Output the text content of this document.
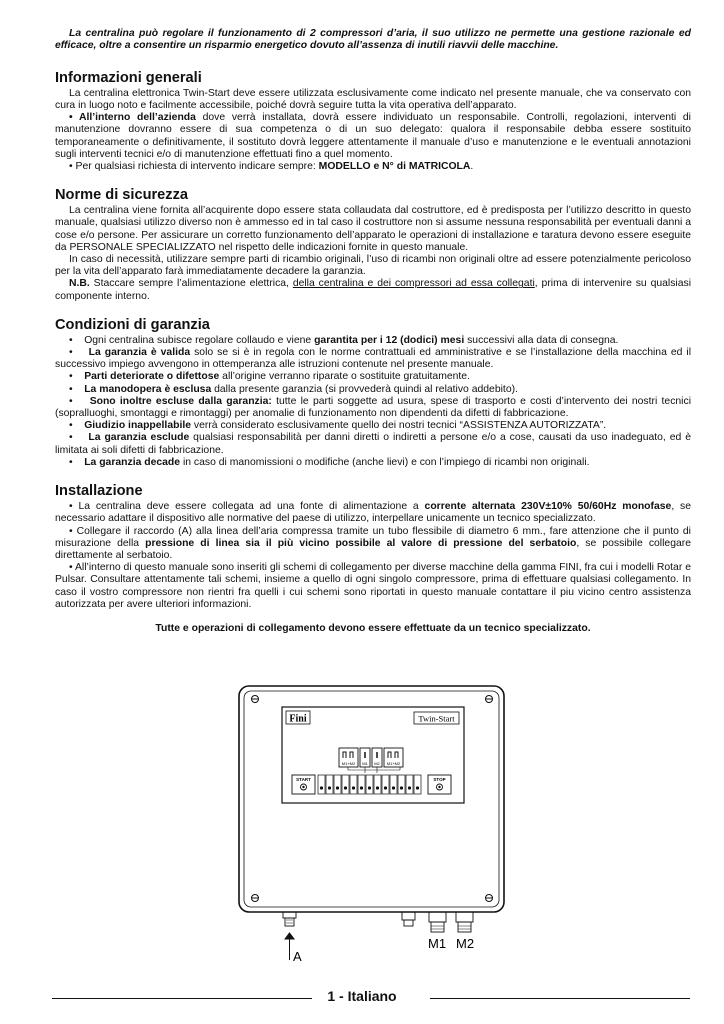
La centralina può regolare il funzionamento di 2 compressori d’aria, il suo utilizzo ne permette una gestione razionale ed efficace, oltre a consentire un risparmio energetico dovuto all’assenza di inutili riavvii delle macchine.

Informazioni generali

La centralina elettronica Twin-Start deve essere utilizzata esclusivamente come indicato nel presente manuale, che va conservato con cura in luogo noto e facilmente accessibile, poiché dovrà seguire tutta la vita operativa dell’apparato.

• All’interno dell’azienda dove verrà installata, dovrà essere individuato un responsabile. Controlli, regolazioni, interventi di manutenzione dovranno essere di sua competenza o di un suo delegato: qualora il responsabile debba essere sostituito temporaneamente o definitivamente, il sostituto dovrà leggere attentamente il manuale d’uso e manutenzione e le eventuali annotazioni sugli interventi tecnici e/o di manutenzione effettuati fino a quel momento.

• Per qualsiasi richiesta di intervento indicare sempre: MODELLO e N° di MATRICOLA.

Norme di sicurezza

La centralina viene fornita all’acquirente dopo essere stata collaudata dal costruttore, ed è predisposta per l’utilizzo descritto in questo manuale, qualsiasi utilizzo diverso non è ammesso ed in tal caso il costruttore non si assume nessuna responsabilità per eventuali danni a cose e/o persone. Per assicurare un corretto funzionamento dell’apparato le operazioni di installazione e taratura devono essere eseguite da PERSONALE SPECIALIZZATO nel rispetto delle indicazioni fornite in questo manuale.

In caso di necessità, utilizzare sempre parti di ricambio originali, l’uso di ricambi non originali oltre ad essere potenzialmente pericoloso per la vita dell’apparato farà immediatamente decadere la garanzia.

N.B. Staccare sempre l’alimentazione elettrica, della centralina e dei compressori ad essa collegati, prima di intervenire su qualsiasi componente interno.

Condizioni di garanzia

•    Ogni centralina subisce regolare collaudo e viene garantita per i 12 (dodici) mesi successivi alla data di consegna.

•    La garanzia è valida solo se si è in regola con le norme contrattuali ed amministrative e se l’installazione della macchina ed il successivo impiego avvengono in ottemperanza alle istruzioni contenute nel presente manuale.

•    Parti deteriorate o difettose all’origine verranno riparate o sostituite gratuitamente.

•    La manodopera è esclusa dalla presente garanzia (si provvederà quindi al relativo addebito).

•    Sono inoltre escluse dalla garanzia: tutte le parti soggette ad usura, spese di trasporto e costi d’intervento dei nostri tecnici (sopralluoghi, smontaggi e rimontaggi) per anomalie di funzionamento non dipendenti da difetti di fabbricazione.

•    Giudizio inappellabile verrà considerato esclusivamente quello dei nostri tecnici “ASSISTENZA AUTORIZZATA”.

•    La garanzia esclude qualsiasi responsabilità per danni diretti o indiretti a persone e/o a cose, causati da uso inadeguato, ed è limitata ai soli difetti di fabbricazione.

•    La garanzia decade in caso di manomissioni o modifiche (anche lievi) e con l’impiego di ricambi non originali.

Installazione

• La centralina deve essere collegata ad una fonte di alimentazione a corrente alternata 230V±10% 50/60Hz monofase, se necessario adattare il dispositivo alle normative del paese di utilizzo, interpellare unicamente un tecnico specializzato.

• Collegare il raccordo (A) alla linea dell’aria compressa tramite un tubo flessibile di diametro 6 mm., fare attenzione che il punto di misurazione della pressione di linea sia il più vicino possibile al valore di pressione del serbatoio, se possibile collegare direttamente al serbatoio.

• All’interno di questo manuale sono inseriti gli schemi di collegamento per diverse macchine della gamma FINI, fra cui i modelli Rotar e Pulsar. Consultare attentamente tali schemi, insieme a quello di ogni singolo compressore, prima di effettuare qualsiasi collegamento. In caso il vostro compressore non rientri fra quelli i cui schemi sono riportati in questo manuale contattare il piu vicino centro assistenza autorizzata per avere ulteriori informazioni.

Tutte e operazioni di collegamento devono essere effettuate da un tecnico specializzato.

Fini	Twin-Start
M1+M2 M1 M2 M1+M2
START	STOP
A
M1 M2
1 - Italiano
